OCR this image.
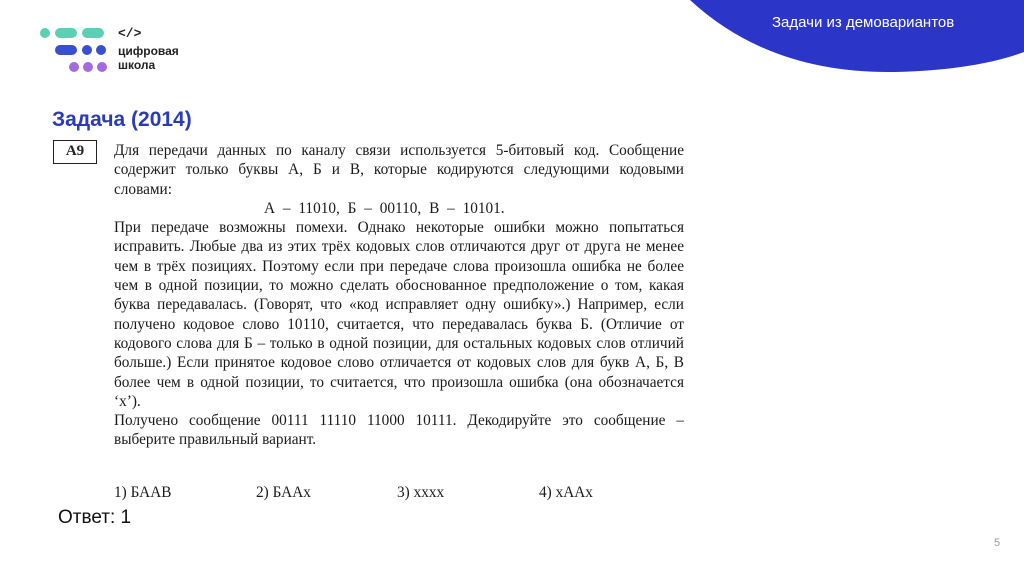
Задачи из демовариантов
</>
цифровая
школа
Задача (2014)
А9	Для передачи данных по каналу связи используется 5-битовый код. Сообщение содержит только буквы А, Б и В, которые кодируются следующими кодовыми словами:

А – 11010, Б – 00110, В – 10101.

При передаче возможны помехи. Однако некоторые ошибки можно попытаться исправить. Любые два из этих трёх кодовых слов отличаются друг от друга не менее чем в трёх позициях. Поэтому если при передаче слова произошла ошибка не более чем в одной позиции, то можно сделать обоснованное предположение о том, какая буква передавалась. (Говорят, что «код исправляет одну ошибку».) Например, если получено кодовое слово 10110, считается, что передавалась буква Б. (Отличие от кодового слова для Б – только в одной позиции, для остальных кодовых слов отличий больше.) Если принятое кодовое слово отличается от кодовых слов для букв А, Б, В более чем в одной позиции, то считается, что произошла ошибка (она обозначается ‘х’).

Получено сообщение 00111 11110 11000 10111. Декодируйте это сообщение – выберите правильный вариант.

1) БААВ	2) БААх	3) хххх	4) хААх
Ответ: 1
5
